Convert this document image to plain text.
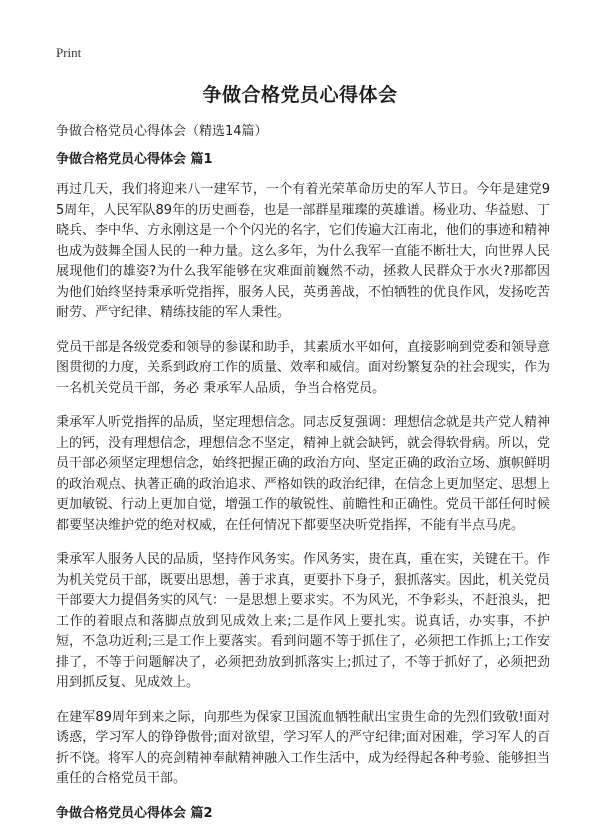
Print
争做合格党员心得体会

争做合格党员心得体会（精选14篇）

争做合格党员心得体会 篇1

再过几天，我们将迎来八一建军节，一个有着光荣革命历史的军人节日。今年是建党95周年，人民军队89年的历史画卷，也是一部群星璀璨的英雄谱。杨业功、华益慰、丁晓兵、李中华、方永刚这是一个个闪光的名字，它们传遍大江南北，他们的事迹和精神也成为鼓舞全国人民的一种力量。这么多年，为什么我军一直能不断壮大，向世界人民展现他们的雄姿?为什么我军能够在灾难面前巍然不动，拯救人民群众于水火?那都因为他们始终坚持秉承听党指挥，服务人民，英勇善战，不怕牺牲的优良作风，发扬吃苦耐劳、严守纪律、精练技能的军人秉性。

党员干部是各级党委和领导的参谋和助手，其素质水平如何，直接影响到党委和领导意图贯彻的力度，关系到政府工作的质量、效率和威信。面对纷繁复杂的社会现实，作为一名机关党员干部，务必 秉承军人品质，争当合格党员。

秉承军人听党指挥的品质，坚定理想信念。同志反复强调：理想信念就是共产党人精神上的钙，没有理想信念，理想信念不坚定，精神上就会缺钙，就会得软骨病。所以，党员干部必须坚定理想信念，始终把握正确的政治方向、坚定正确的政治立场、旗帜鲜明的政治观点、执著正确的政治追求、严格如铁的政治纪律，在信念上更加坚定、思想上更加敏锐、行动上更加自觉，增强工作的敏锐性、前瞻性和正确性。党员干部任何时候都要坚决维护党的绝对权威，在任何情况下都要坚决听党指挥，不能有半点马虎。

秉承军人服务人民的品质，坚持作风务实。作风务实，贵在真，重在实，关键在干。作为机关党员干部，既要出思想，善于求真，更要扑下身子，狠抓落实。因此，机关党员干部要大力提倡务实的风气：一是思想上要求实。不为风光，不争彩头，不赶浪头，把工作的着眼点和落脚点放到见成效上来;二是作风上要扎实。说真话，办实事，不护短，不急功近利;三是工作上要落实。看到问题不等于抓住了，必须把工作抓上;工作安排了，不等于问题解决了，必须把劲放到抓落实上;抓过了，不等于抓好了，必须把劲用到抓反复、见成效上。

在建军89周年到来之际，向那些为保家卫国流血牺牲献出宝贵生命的先烈们致敬!面对诱惑，学习军人的铮铮傲骨;面对欲望，学习军人的严守纪律;面对困难，学习军人的百折不饶。将军人的亮剑精神奉献精神融入工作生活中，成为经得起各种考验、能够担当重任的合格党员干部。

争做合格党员心得体会 篇2
